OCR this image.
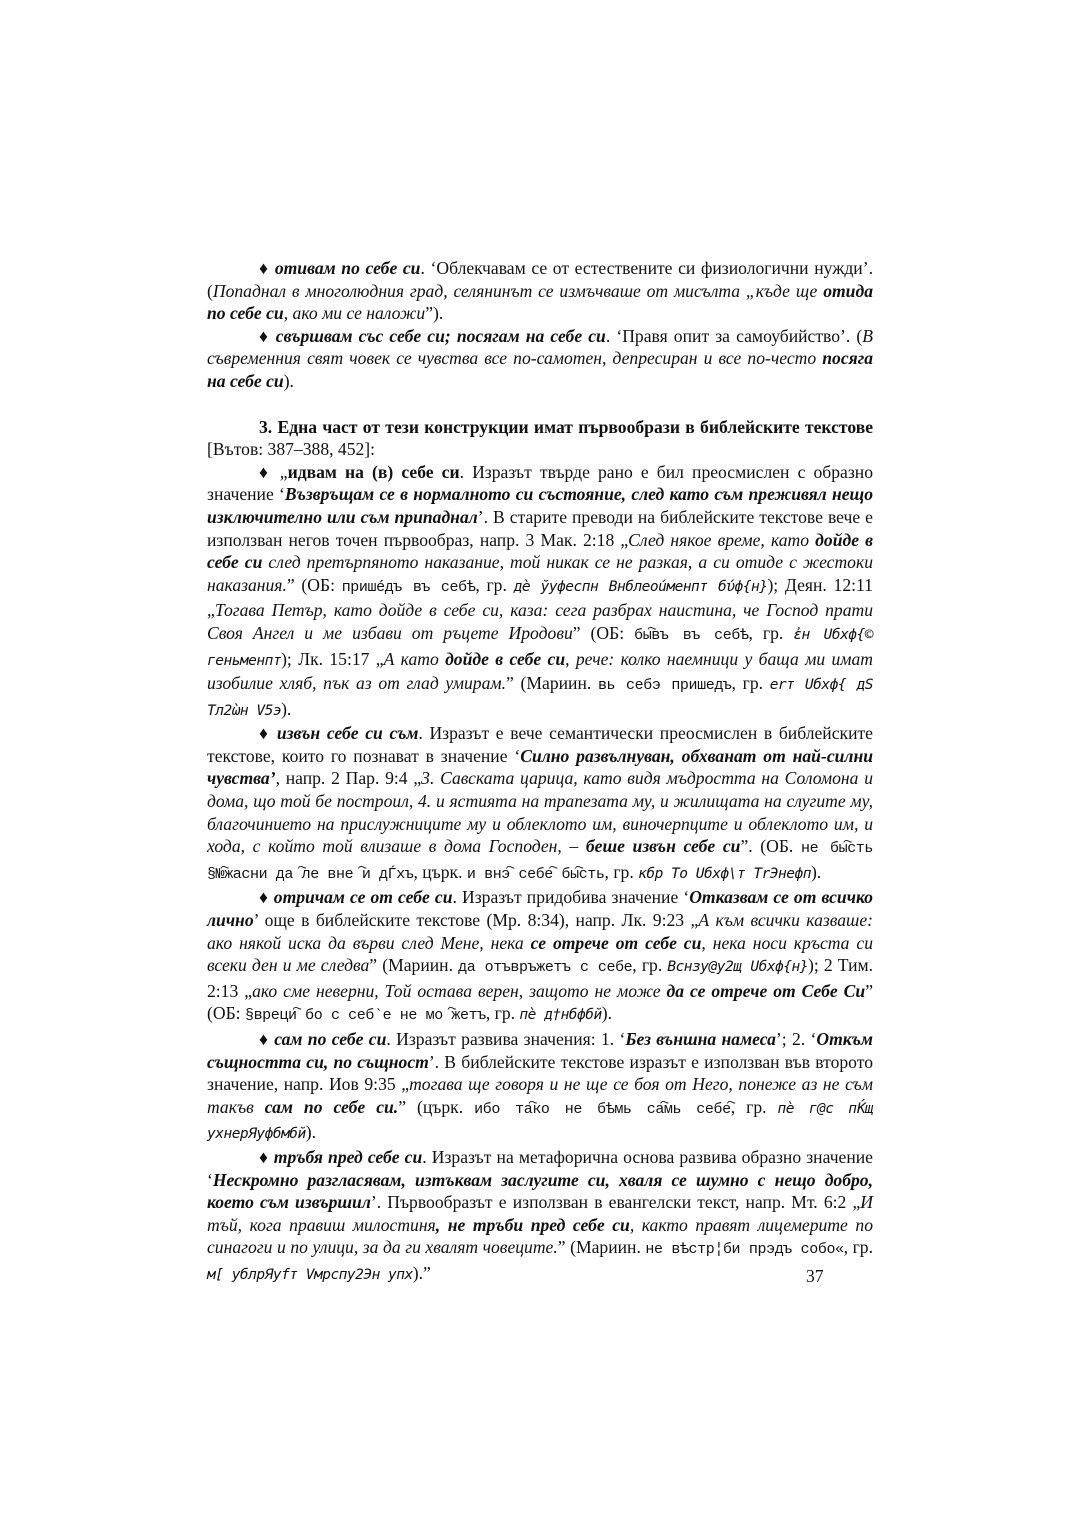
♦ отивам по себе си. ‘Облекчавам се от естествените си физиологични нужди’. (Попаднал в многолюдния град, селянинът се измъчваше от мисълта „къде ще отида по себе си, ако ми се наложи”).

♦ свършвам със себе си; посягам на себе си. ‘Правя опит за самоубийство’. (В съвременния свят човек се чувства все по-самотен, депресиран и все по-често посяга на себе си).

3. Една част от тези конструкции имат първообрази в библейските текстове [Вътов: 387–388, 452]:

♦ „идвам на (в) себе си. Изразът твърде рано е бил преосмислен с образно значение ‘Възвръщам се в нормалното си състояние, след като съм преживял нещо изключително или съм припаднал’. В старите преводи на библейските текстове вече е използван негов точен първообраз, напр. 3 Мак. 2:18 „След някое време, като дойде в себе си след претърпяното наказание, той никак се не разкая, а си отиде с жестоки наказания.” (ОБ: пришéдъ въ себѣ, гр. дѐ ўуфеспн Внблеоúменпт бύф{н}); Деян. 12:11 „Тогава Петър, като дойде в себе си, каза: сега разбрах наистина, че Господ прати Своя Ангел и ме избави от ръцете Иродови” (ОБ: бы҇въ въ себѣ, гр. ἐн Uбхф{© геньменпт); Лк. 15:17 „А като дойде в себе си, рече: колко наемници у баща ми имат изобилие хляб, пък аз от глад умирам.” (Мариин. вь себэ пришедъ, гр. erт Uбхф{ дS Тл2ὼн V5э).

♦ извън себе си съм. Изразът е вече семантически преосмислен в библейските текстове, които го познават в значение ‘Силно развълнуван, обхванат от най-силни чувства’, напр. 2 Пар. 9:4 „3. Савската царица, като видя мъдростта на Соломона и дома, що той бе построил, 4. и ястията на трапезата му, и жилищата на слугите му, благочинието на прислужниците му и облеклото им, виночерпците и облеклото им, и хода, с който той влизаше в дома Господен, – беше извън себе си”. (ОБ. не бы҇сть §№҇жасни да ҇ле вне ҇и дЃхъ, църк. и внэ҇ себе҇ бы҇сть, гр. кбр То Uбхф\т ТrЭнефп).

♦ отричам се от себе си. Изразът придобива значение ‘Отказвам се от всичко лично’ още в библейските текстове (Мр. 8:34), напр. Лк. 9:23 „А към всички казваше: ако някой иска да върви след Мене, нека се отрече от себе си, нека носи кръста си всеки ден и ме следва” (Мариин. да отъвръжетъ с себе, гр. Вснзу@у2щ Uбхф{н}); 2 Тим. 2:13 „ако сме неверни, Той остава верен, защото не може да се отрече от Себе Си” (ОБ: §вреци҇ бо с себ`е не мо ҇жетъ, гр. пѐ д†нбфбй).

♦ сам по себе си. Изразът развива значения: 1. ‘Без външна намеса’; 2. ‘Откъм същността си, по същност’. В библейските текстове изразът е използван във второто значение, напр. Иов 9:35 „тогава ще говоря и не ще се боя от Него, понеже аз не съм такъв сам по себе си.” (църк. ибо та҇ко не бѣмь са҇мь себе҇, гр. пѐ г@с пЌщ ухнерЯуфбмбй).

♦ тръбя пред себе си. Изразът на метафорична основа развива образно значение ‘Нескромно разгласявам, изтъквам заслугите си, хваля се шумно с нещо добро, което съм извършил’. Първообразът е използван в евангелски текст, напр. Мт. 6:2 „И тъй, кога правиш милостиня, не тръби пред себе си, както правят лицемерите по синагоги и по улици, за да ги хвалят човеците.” (Мариин. не вѣстр¦би прэдъ собо«, гр. м[ ублрЯуfт Vмрспу2Эн упх).”	37
